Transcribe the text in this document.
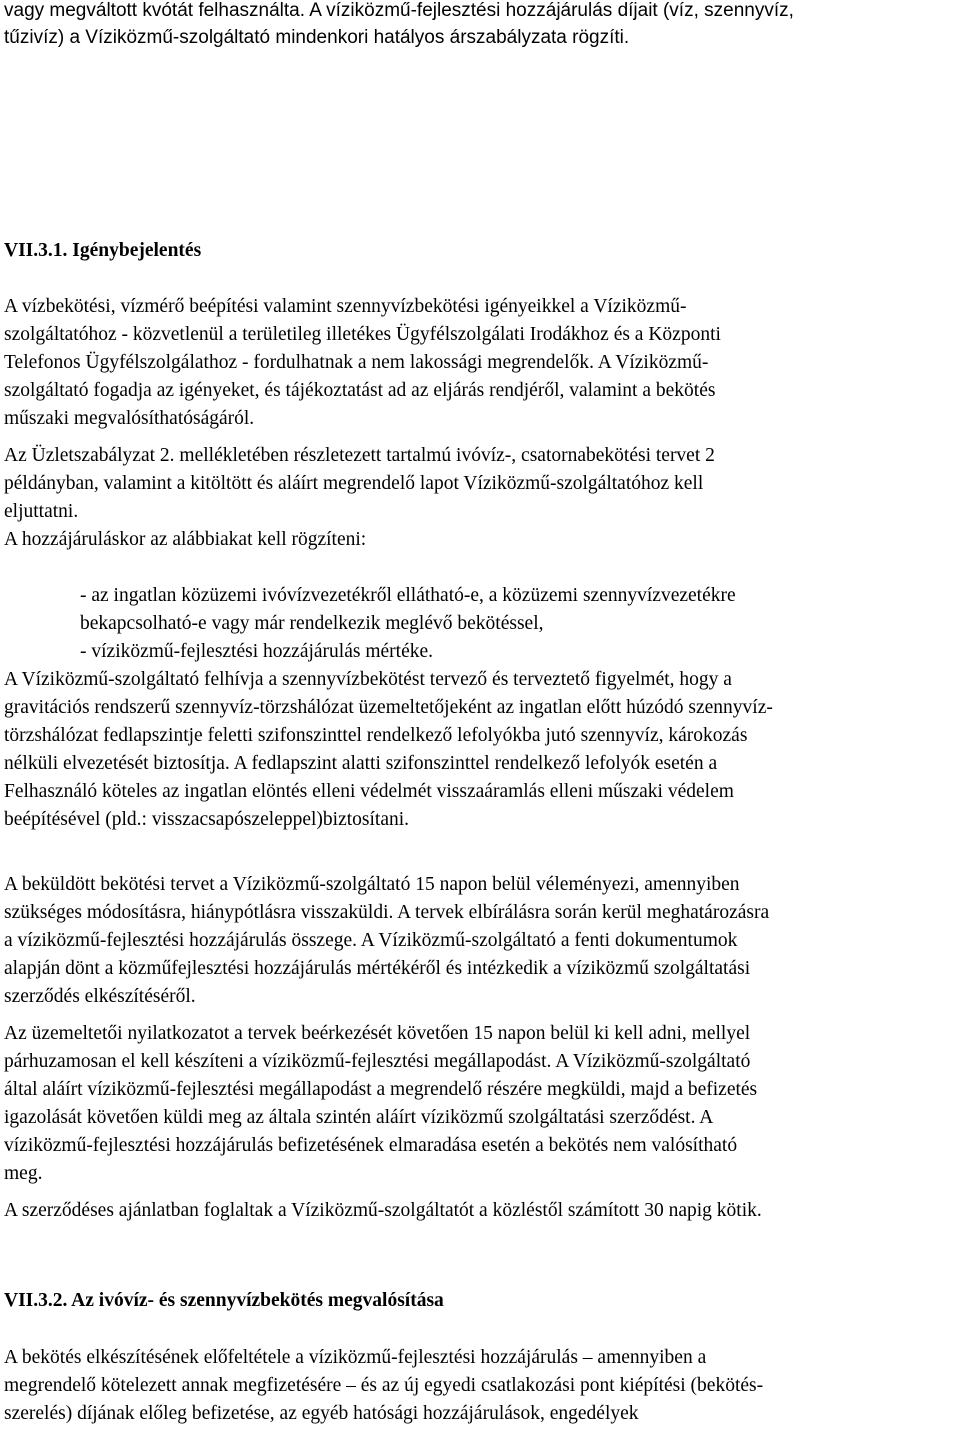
vagy megváltott kvótát felhasználta. A víziközmű-fejlesztési hozzájárulás díjait (víz, szennyvíz,
tűzivíz) a Víziközmű-szolgáltató mindenkori hatályos árszabályzata rögzíti.
VII.3.1. Igénybejelentés
A vízbekötési, vízmérő beépítési valamint szennyvízbekötési igényeikkel a Víziközmű-
szolgáltatóhoz - közvetlenül a területileg illetékes Ügyfélszolgálati Irodákhoz és a Központi
Telefonos Ügyfélszolgálathoz - fordulhatnak a nem lakossági megrendelők. A Víziközmű-
szolgáltató fogadja az igényeket, és tájékoztatást ad az eljárás rendjéről, valamint a bekötés
műszaki megvalósíthatóságáról.
Az Üzletszabályzat 2. mellékletében részletezett tartalmú ivóvíz-, csatornabekötési tervet 2
példányban, valamint a kitöltött és aláírt megrendelő lapot Víziközmű-szolgáltatóhoz kell
eljuttatni.
A hozzájáruláskor az alábbiakat kell rögzíteni:
- az ingatlan közüzemi ivóvízvezetékről ellátható-e, a közüzemi szennyvízvezetékre
bekapcsolható-e vagy már rendelkezik meglévő bekötéssel,
- víziközmű-fejlesztési hozzájárulás mértéke.
A Víziközmű-szolgáltató felhívja a szennyvízbekötést tervező és terveztető figyelmét, hogy a
gravitációs rendszerű szennyvíz-törzshálózat üzemeltetőjeként az ingatlan előtt húzódó szennyvíz-
törzshálózat fedlapszintje feletti szifonszinttel rendelkező lefolyókba jutó szennyvíz, károkozás
nélküli elvezetését biztosítja. A fedlapszint alatti szifonszinttel rendelkező lefolyók esetén a
Felhasználó köteles az ingatlan elöntés elleni védelmét visszaáramlás elleni műszaki védelem
beépítésével (pld.: visszacsapószeleppel)biztosítani.
A beküldött bekötési tervet a Víziközmű-szolgáltató 15 napon belül véleményezi, amennyiben
szükséges módosításra, hiánypótlásra visszaküldi. A tervek elbírálásra során kerül meghatározásra
a víziközmű-fejlesztési hozzájárulás összege. A Víziközmű-szolgáltató a fenti dokumentumok
alapján dönt a közműfejlesztési hozzájárulás mértékéről és intézkedik a víziközmű szolgáltatási
szerződés elkészítéséről.
Az üzemeltetői nyilatkozatot a tervek beérkezését követően 15 napon belül ki kell adni, mellyel
párhuzamosan el kell készíteni a víziközmű-fejlesztési megállapodást. A Víziközmű-szolgáltató
által aláírt víziközmű-fejlesztési megállapodást a megrendelő részére megküldi, majd a befizetés
igazolását követően küldi meg az általa szintén aláírt víziközmű szolgáltatási szerződést. A
víziközmű-fejlesztési hozzájárulás befizetésének elmaradása esetén a bekötés nem valósítható
meg.
A szerződéses ajánlatban foglaltak a Víziközmű-szolgáltatót a közléstől számított 30 napig kötik.
VII.3.2. Az ivóvíz- és szennyvízbekötés megvalósítása
A bekötés elkészítésének előfeltétele a víziközmű-fejlesztési hozzájárulás – amennyiben a
megrendelő kötelezett annak megfizetésére – és az új egyedi csatlakozási pont kiépítési (bekötés-
szerelés) díjának előleg befizetése, az egyéb hatósági hozzájárulások, engedélyek
